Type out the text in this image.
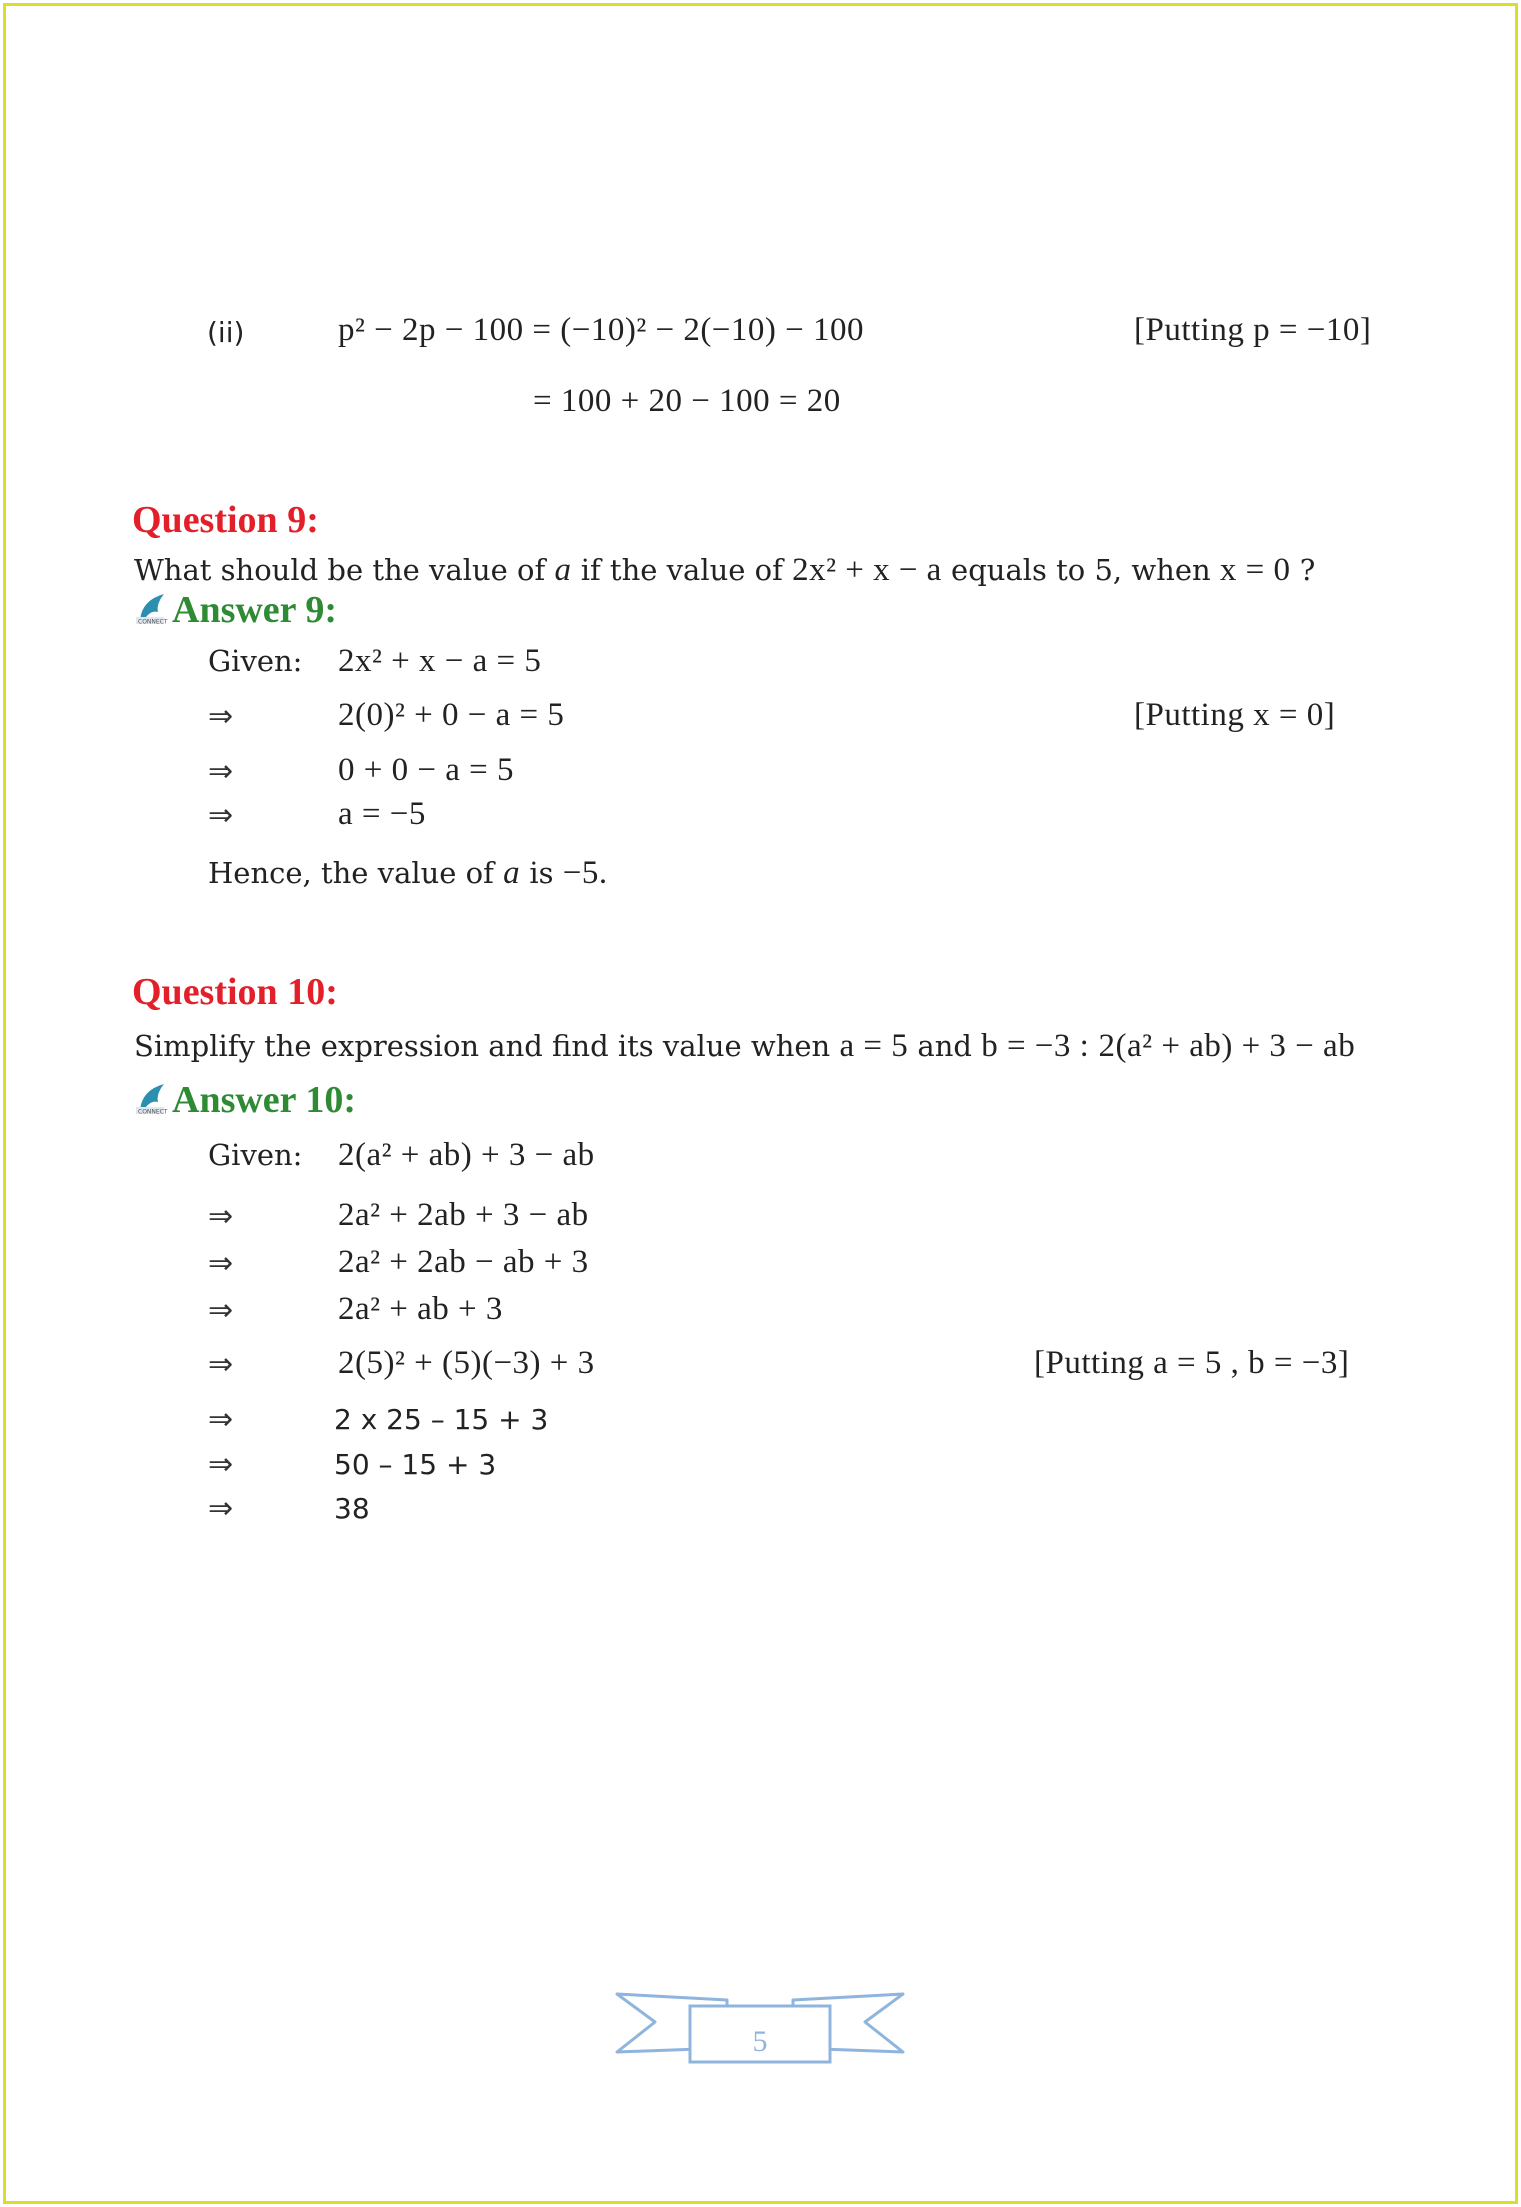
(ii)	p² − 2p − 100 = (−10)² − 2(−10) − 100	[Putting p = −10]
= 100 + 20 − 100 = 20
Question 9:
What should be the value of a if the value of 2x² + x − a equals to 5, when x = 0 ?
CONNECT Answer 9:
Given: 2x² + x − a = 5
⇒	2(0)² + 0 − a = 5	[Putting x = 0]
⇒	0 + 0 − a = 5
⇒	a = −5
Hence, the value of a is −5.
Question 10:
Simplify the expression and find its value when a = 5 and b = −3 : 2(a² + ab) + 3 − ab
CONNECT Answer 10:
Given: 2(a² + ab) + 3 − ab
⇒	2a² + 2ab + 3 − ab
⇒	2a² + 2ab − ab + 3
⇒	2a² + ab + 3
⇒	2(5)² + (5)(−3) + 3	[Putting a = 5 , b = −3]
⇒	2 x 25 – 15 + 3
⇒	50 – 15 + 3
⇒	38
5
